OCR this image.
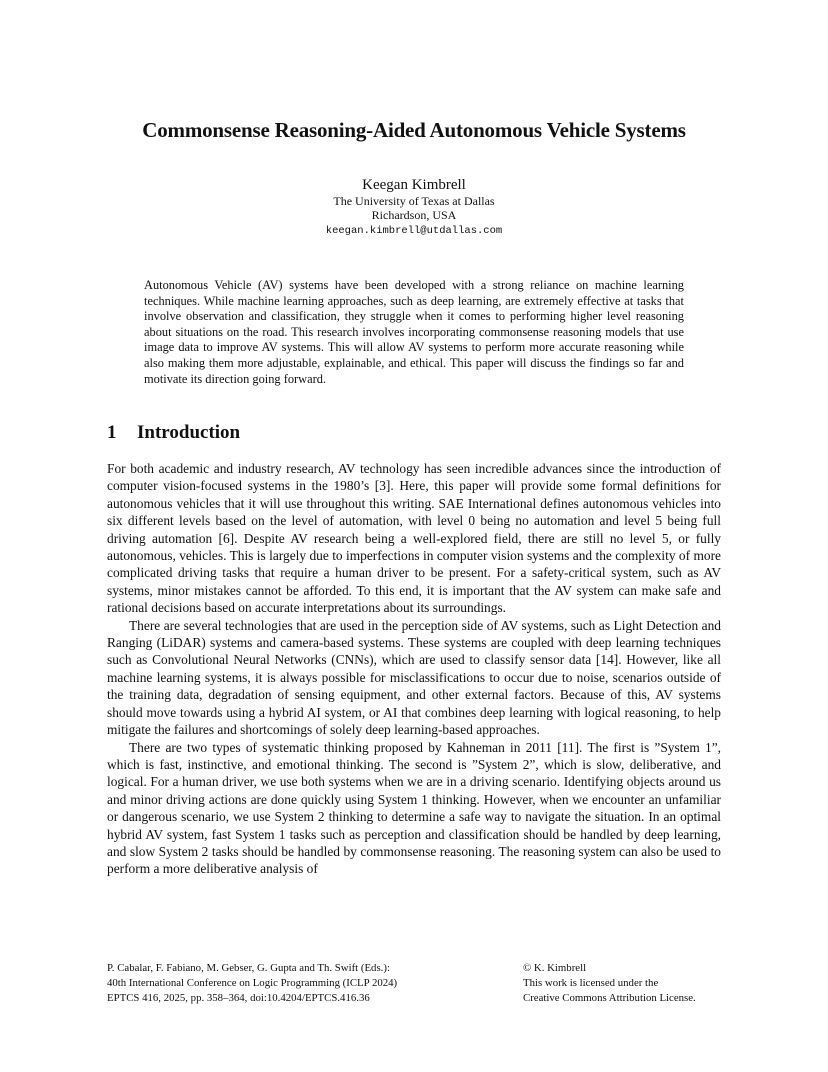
Commonsense Reasoning-Aided Autonomous Vehicle Systems
Keegan Kimbrell
The University of Texas at Dallas
Richardson, USA
keegan.kimbrell@utdallas.com

Autonomous Vehicle (AV) systems have been developed with a strong reliance on machine learning techniques. While machine learning approaches, such as deep learning, are extremely effective at tasks that involve observation and classification, they struggle when it comes to performing higher level reasoning about situations on the road. This research involves incorporating commonsense reasoning models that use image data to improve AV systems. This will allow AV systems to perform more accurate reasoning while also making them more adjustable, explainable, and ethical. This paper will discuss the findings so far and motivate its direction going forward.

1 Introduction

For both academic and industry research, AV technology has seen incredible advances since the introduction of computer vision-focused systems in the 1980’s [3]. Here, this paper will provide some formal definitions for autonomous vehicles that it will use throughout this writing. SAE International defines autonomous vehicles into six different levels based on the level of automation, with level 0 being no automation and level 5 being full driving automation [6]. Despite AV research being a well-explored field, there are still no level 5, or fully autonomous, vehicles. This is largely due to imperfections in computer vision systems and the complexity of more complicated driving tasks that require a human driver to be present. For a safety-critical system, such as AV systems, minor mistakes cannot be afforded. To this end, it is important that the AV system can make safe and rational decisions based on accurate interpretations about its surroundings.

There are several technologies that are used in the perception side of AV systems, such as Light Detection and Ranging (LiDAR) systems and camera-based systems. These systems are coupled with deep learning techniques such as Convolutional Neural Networks (CNNs), which are used to classify sensor data [14]. However, like all machine learning systems, it is always possible for misclassifications to occur due to noise, scenarios outside of the training data, degradation of sensing equipment, and other external factors. Because of this, AV systems should move towards using a hybrid AI system, or AI that combines deep learning with logical reasoning, to help mitigate the failures and shortcomings of solely deep learning-based approaches.

There are two types of systematic thinking proposed by Kahneman in 2011 [11]. The first is ”System 1”, which is fast, instinctive, and emotional thinking. The second is ”System 2”, which is slow, deliberative, and logical. For a human driver, we use both systems when we are in a driving scenario. Identifying objects around us and minor driving actions are done quickly using System 1 thinking. However, when we encounter an unfamiliar or dangerous scenario, we use System 2 thinking to determine a safe way to navigate the situation. In an optimal hybrid AV system, fast System 1 tasks such as perception and classification should be handled by deep learning, and slow System 2 tasks should be handled by commonsense reasoning. The reasoning system can also be used to perform a more deliberative analysis of

P. Cabalar, F. Fabiano, M. Gebser, G. Gupta and Th. Swift (Eds.):
40th International Conference on Logic Programming (ICLP 2024)
EPTCS 416, 2025, pp. 358–364, doi:10.4204/EPTCS.416.36
© K. Kimbrell
This work is licensed under the
Creative Commons Attribution License.
